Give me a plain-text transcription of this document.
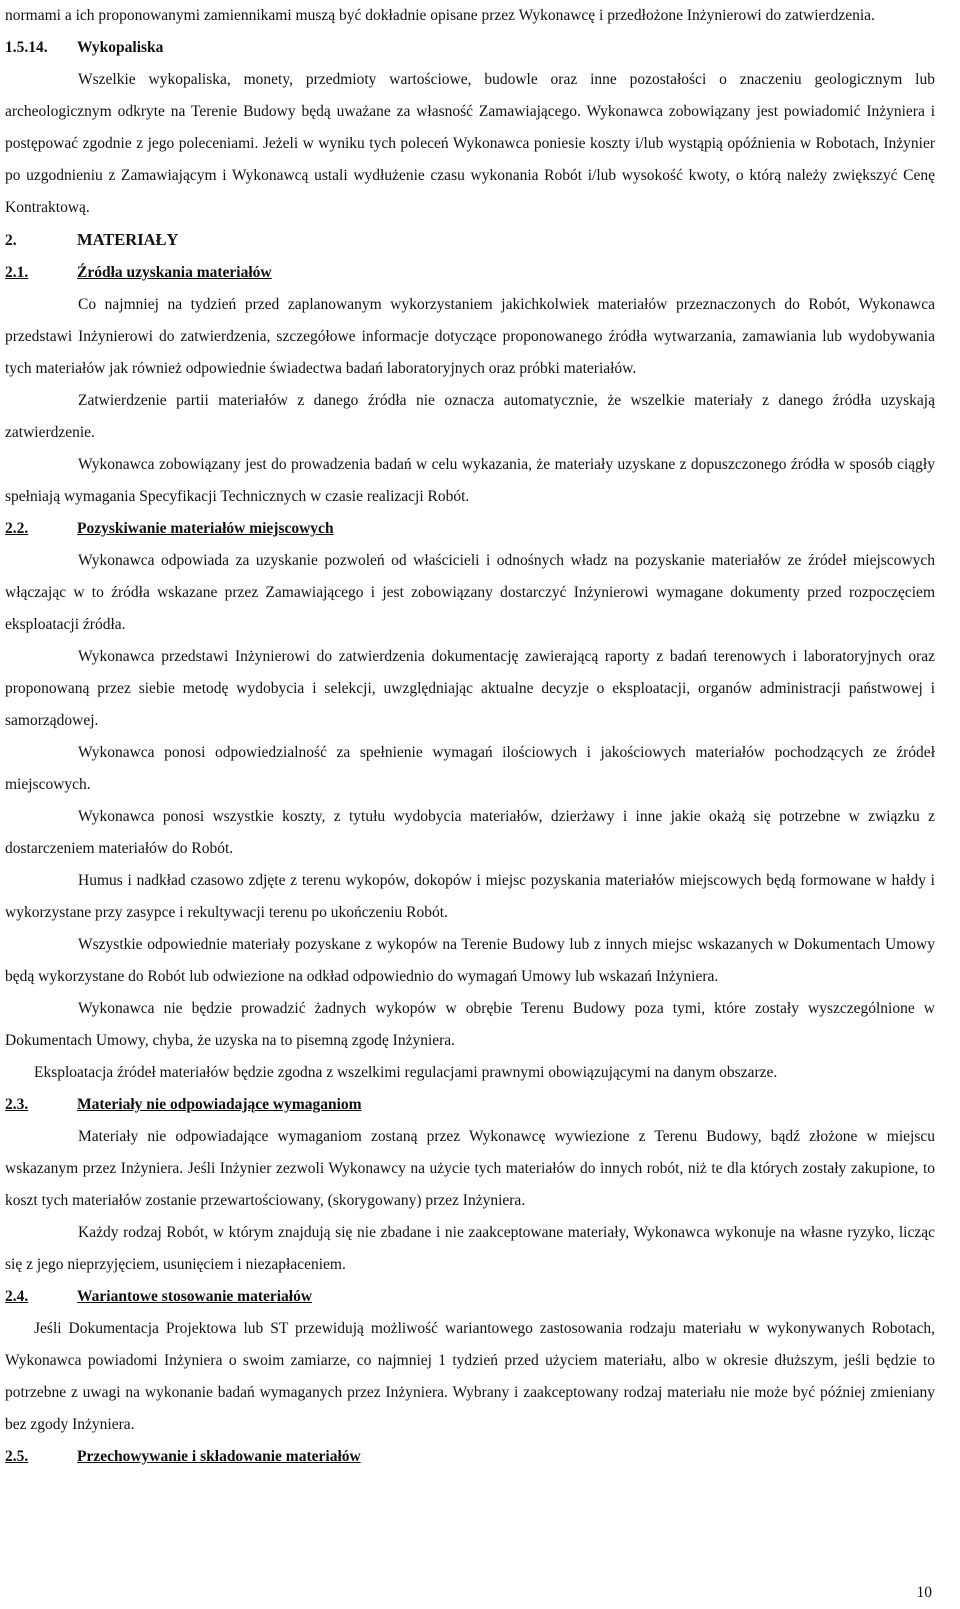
normami a ich proponowanymi zamiennikami muszą być dokładnie opisane przez Wykonawcę i przedłożone Inżynierowi do zatwierdzenia.

1.5.14. Wykopaliska

Wszelkie wykopaliska, monety, przedmioty wartościowe, budowle oraz inne pozostałości o znaczeniu geologicznym lub archeologicznym odkryte na Terenie Budowy będą uważane za własność Zamawiającego. Wykonawca zobowiązany jest powiadomić Inżyniera i postępować zgodnie z jego poleceniami. Jeżeli w wyniku tych poleceń Wykonawca poniesie koszty i/lub wystąpią opóźnienia w Robotach, Inżynier po uzgodnieniu z Zamawiającym i Wykonawcą ustali wydłużenie czasu wykonania Robót i/lub wysokość kwoty, o którą należy zwiększyć Cenę Kontraktową.

2.	MATERIAŁY
2.1.	Źródła uzyskania materiałów

Co najmniej na tydzień przed zaplanowanym wykorzystaniem jakichkolwiek materiałów przeznaczonych do Robót, Wykonawca przedstawi Inżynierowi do zatwierdzenia, szczegółowe informacje dotyczące proponowanego źródła wytwarzania, zamawiania lub wydobywania tych materiałów jak również odpowiednie świadectwa badań laboratoryjnych oraz próbki materiałów.

Zatwierdzenie partii materiałów z danego źródła nie oznacza automatycznie, że wszelkie materiały z danego źródła uzyskają zatwierdzenie.

Wykonawca zobowiązany jest do prowadzenia badań w celu wykazania, że materiały uzyskane z dopuszczonego źródła w sposób ciągły spełniają wymagania Specyfikacji Technicznych w czasie realizacji Robót.

2.2.	Pozyskiwanie materiałów miejscowych

Wykonawca odpowiada za uzyskanie pozwoleń od właścicieli i odnośnych władz na pozyskanie materiałów ze źródeł miejscowych włączając w to źródła wskazane przez Zamawiającego i jest zobowiązany dostarczyć Inżynierowi wymagane dokumenty przed rozpoczęciem eksploatacji źródła.

Wykonawca przedstawi Inżynierowi do zatwierdzenia dokumentację zawierającą raporty z badań terenowych i laboratoryjnych oraz proponowaną przez siebie metodę wydobycia i selekcji, uwzględniając aktualne decyzje o eksploatacji, organów administracji państwowej i samorządowej.

Wykonawca ponosi odpowiedzialność za spełnienie wymagań ilościowych i jakościowych materiałów pochodzących ze źródeł miejscowych.

Wykonawca ponosi wszystkie koszty, z tytułu wydobycia materiałów, dzierżawy i inne jakie okażą się potrzebne w związku z dostarczeniem materiałów do Robót.

Humus i nadkład czasowo zdjęte z terenu wykopów, dokopów i miejsc pozyskania materiałów miejscowych będą formowane w hałdy i wykorzystane przy zasypce i rekultywacji terenu po ukończeniu Robót.

Wszystkie odpowiednie materiały pozyskane z wykopów na Terenie Budowy lub z innych miejsc wskazanych w Dokumentach Umowy będą wykorzystane do Robót lub odwiezione na odkład odpowiednio do wymagań Umowy lub wskazań Inżyniera.

Wykonawca nie będzie prowadzić żadnych wykopów w obrębie Terenu Budowy poza tymi, które zostały wyszczególnione w Dokumentach Umowy, chyba, że uzyska na to pisemną zgodę Inżyniera.

Eksploatacja źródeł materiałów będzie zgodna z wszelkimi regulacjami prawnymi obowiązującymi na danym obszarze.

2.3.	Materiały nie odpowiadające wymaganiom

Materiały nie odpowiadające wymaganiom zostaną przez Wykonawcę wywiezione z Terenu Budowy, bądź złożone w miejscu wskazanym przez Inżyniera. Jeśli Inżynier zezwoli Wykonawcy na użycie tych materiałów do innych robót, niż te dla których zostały zakupione, to koszt tych materiałów zostanie przewartościowany, (skorygowany) przez Inżyniera.

Każdy rodzaj Robót, w którym znajdują się nie zbadane i nie zaakceptowane materiały, Wykonawca wykonuje na własne ryzyko, licząc się z jego nieprzyjęciem, usunięciem i niezapłaceniem.

2.4.	Wariantowe stosowanie materiałów

Jeśli Dokumentacja Projektowa lub ST przewidują możliwość wariantowego zastosowania rodzaju materiału w wykonywanych Robotach, Wykonawca powiadomi Inżyniera o swoim zamiarze, co najmniej 1 tydzień przed użyciem materiału, albo w okresie dłuższym, jeśli będzie to potrzebne z uwagi na wykonanie badań wymaganych przez Inżyniera. Wybrany i zaakceptowany rodzaj materiału nie może być później zmieniany bez zgody Inżyniera.

2.5.	Przechowywanie i składowanie materiałów
10
